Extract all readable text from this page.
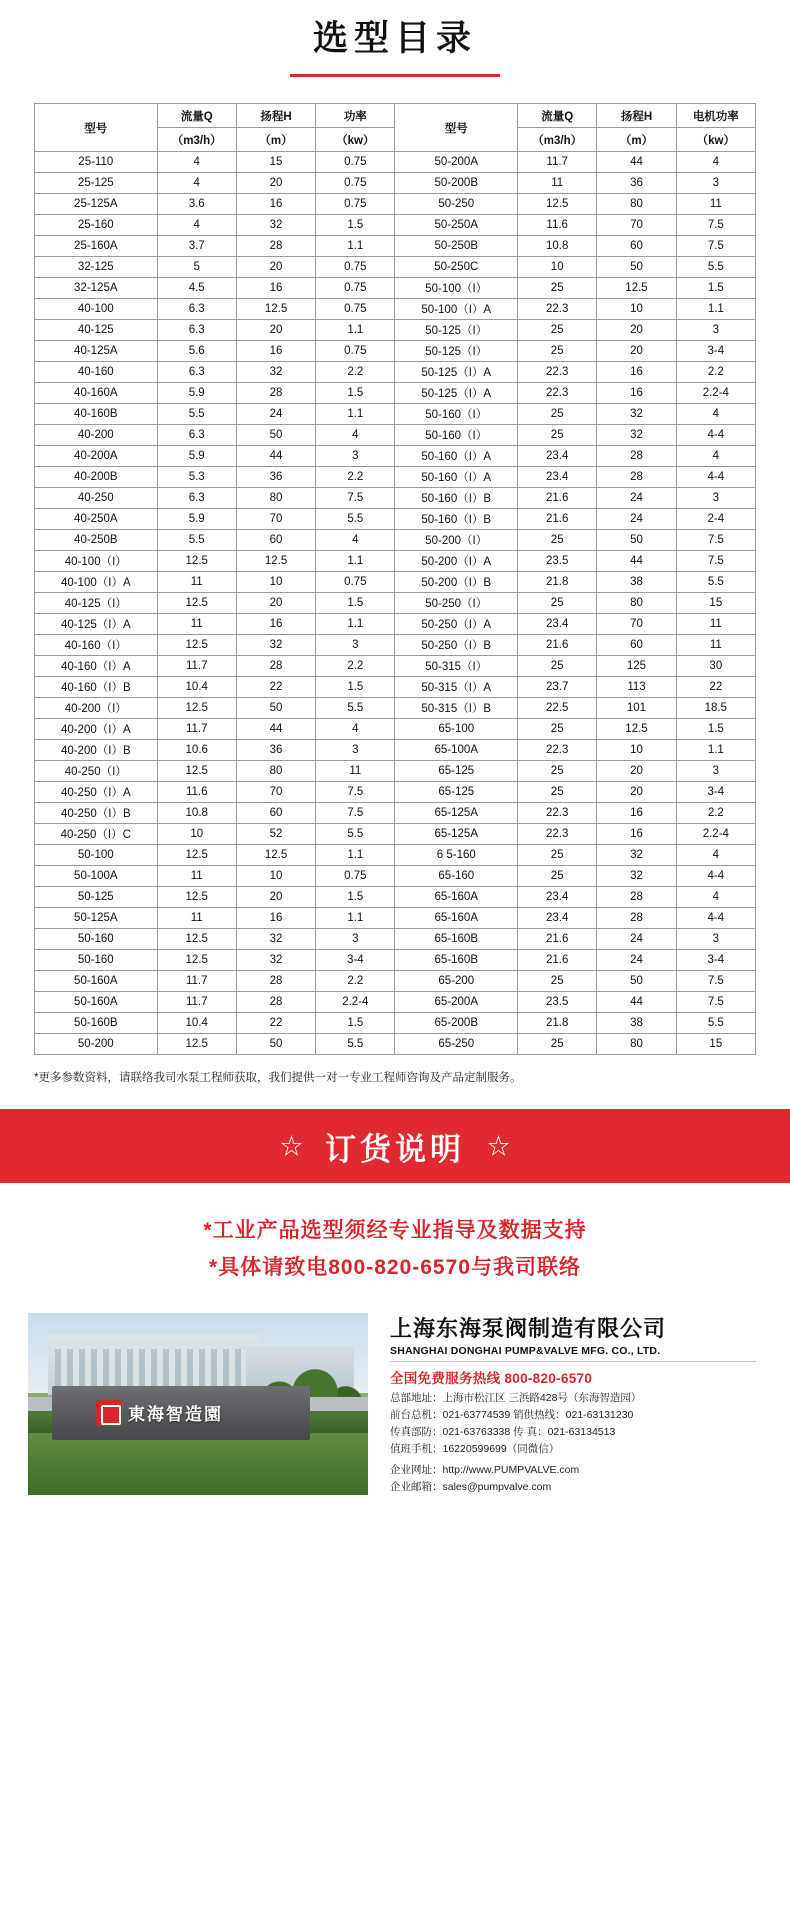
选型目录
型号	流量Q	扬程H	功率	型号	流量Q	扬程H	电机功率
	（m3/h）	（m）	（kw）		（m3/h）	（m）	（kw）
25-110	4	15	0.75	50-200A	11.7	44	4
25-125	4	20	0.75	50-200B	11	36	3
25-125A	3.6	16	0.75	50-250	12.5	80	11
25-160	4	32	1.5	50-250A	11.6	70	7.5
25-160A	3.7	28	1.1	50-250B	10.8	60	7.5
32-125	5	20	0.75	50-250C	10	50	5.5
32-125A	4.5	16	0.75	50-100（I）	25	12.5	1.5
40-100	6.3	12.5	0.75	50-100（I）A	22.3	10	1.1
40-125	6.3	20	1.1	50-125（I）	25	20	3
40-125A	5.6	16	0.75	50-125（I）	25	20	3-4
40-160	6.3	32	2.2	50-125（I）A	22.3	16	2.2
40-160A	5.9	28	1.5	50-125（I）A	22.3	16	2.2-4
40-160B	5.5	24	1.1	50-160（I）	25	32	4
40-200	6.3	50	4	50-160（I）	25	32	4-4
40-200A	5.9	44	3	50-160（I）A	23.4	28	4
40-200B	5.3	36	2.2	50-160（I）A	23.4	28	4-4
40-250	6.3	80	7.5	50-160（I）B	21.6	24	3
40-250A	5.9	70	5.5	50-160（I）B	21.6	24	2-4
40-250B	5.5	60	4	50-200（I）	25	50	7.5
40-100（I）	12.5	12.5	1.1	50-200（I）A	23.5	44	7.5
40-100（I）A	11	10	0.75	50-200（I）B	21.8	38	5.5
40-125（I）	12.5	20	1.5	50-250（I）	25	80	15
40-125（I）A	11	16	1.1	50-250（I）A	23.4	70	11
40-160（I）	12.5	32	3	50-250（I）B	21.6	60	11
40-160（I）A	11.7	28	2.2	50-315（I）	25	125	30
40-160（I）B	10.4	22	1.5	50-315（I）A	23.7	113	22
40-200（I）	12.5	50	5.5	50-315（I）B	22.5	101	18.5
40-200（I）A	11.7	44	4	65-100	25	12.5	1.5
40-200（I）B	10.6	36	3	65-100A	22.3	10	1.1
40-250（I）	12.5	80	11	65-125	25	20	3
40-250（I）A	11.6	70	7.5	65-125	25	20	3-4
40-250（I）B	10.8	60	7.5	65-125A	22.3	16	2.2
40-250（I）C	10	52	5.5	65-125A	22.3	16	2.2-4
50-100	12.5	12.5	1.1	6 5-160	25	32	4
50-100A	11	10	0.75	65-160	25	32	4-4
50-125	12.5	20	1.5	65-160A	23.4	28	4
50-125A	11	16	1.1	65-160A	23.4	28	4-4
50-160	12.5	32	3	65-160B	21.6	24	3
50-160	12.5	32	3-4	65-160B	21.6	24	3-4
50-160A	11.7	28	2.2	65-200	25	50	7.5
50-160A	11.7	28	2.2-4	65-200A	23.5	44	7.5
50-160B	10.4	22	1.5	65-200B	21.8	38	5.5
50-200	12.5	50	5.5	65-250	25	80	15
*更多参数资料，请联络我司水泵工程师获取，我们提供一对一专业工程师咨询及产品定制服务。
☆ 订货说明 ☆
*工业产品选型须经专业指导及数据支持
*具体请致电800-820-6570与我司联络
東海智造園
上海东海泵阀制造有限公司
SHANGHAI DONGHAI PUMP&VALVE MFG. CO., LTD.
全国免费服务热线 800-820-6570
总部地址：上海市松江区 三浜路428号（东海智造园）
前台总机：021-63774539 销供热线：021-63131230
传真部防：021-63763338 传 真：021-63134513
值班手机：16220599699（同微信）
企业网址：http://www.PUMPVALVE.com
企业邮箱：sales@pumpvalve.com
